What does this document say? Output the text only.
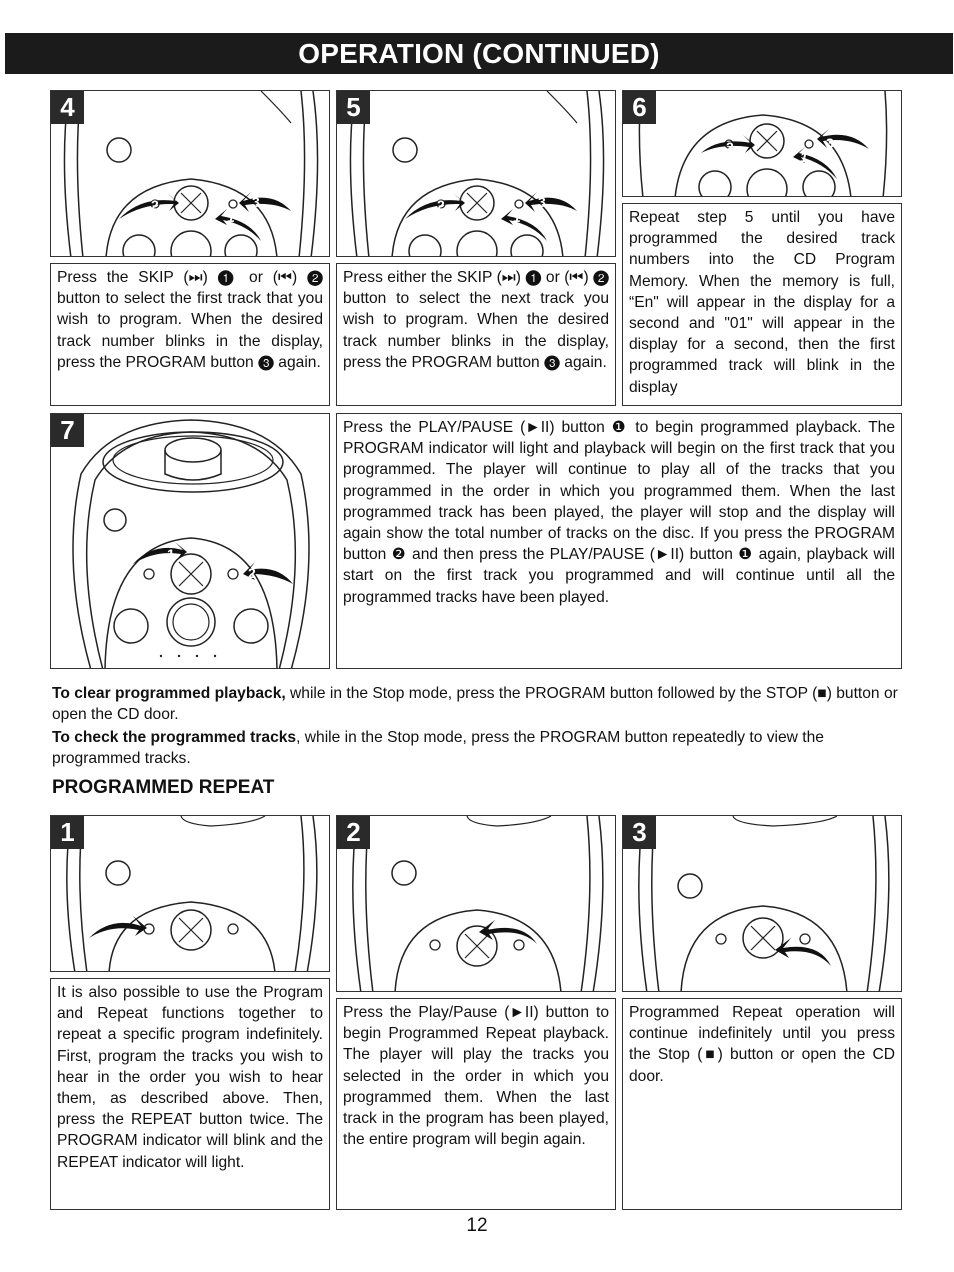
OPERATION (CONTINUED)
4
2	3
1
Press the SKIP (⏭) ❶ or (⏮) ❷ button to select the first track that you wish to program. When the desired track number blinks in the display, press the PROGRAM button ❸ again.
5
2	3
1
Press either the SKIP (⏭) ❶ or (⏮) ❷ button to select the next track you wish to program. When the desired track number blinks in the display, press the PROGRAM button ❸ again.
6
2	3
1
Repeat step 5 until you have programmed the desired track numbers into the CD Program Memory. When the memory is full, “En" will appear in the display for a second and "01" will appear in the display for a second, then the first programmed track will blink in the display
7
1
2
Press the PLAY/PAUSE (►II) button ❶ to begin programmed playback. The PROGRAM indicator will light and playback will begin on the first track that you programmed. The player will continue to play all of the tracks that you programmed in the order in which you programmed them. When the last programmed track has been played, the player will stop and the display will again show the total number of tracks on the disc. If you press the PROGRAM button ❷ and then press the PLAY/PAUSE (►II) button ❶ again, playback will start on the first track you programmed and will continue until all the programmed tracks have been played.
To clear programmed playback, while in the Stop mode, press the PROGRAM button followed by the STOP (■) button or open the CD door.
To check the programmed tracks, while in the Stop mode, press the PROGRAM button repeatedly to view the programmed tracks.
PROGRAMMED REPEAT
1
It is also possible to use the Program and Repeat functions together to repeat a specific program indefinitely. First, program the tracks you wish to hear in the order you wish to hear them, as described above. Then, press the REPEAT button twice. The PROGRAM indicator will blink and the REPEAT indicator will light.
2
Press the Play/Pause (►II) button to begin Programmed Repeat playback. The player will play the tracks you selected in the order in which you programmed them. When the last track in the program has been played, the entire program will begin again.
3
Programmed Repeat operation will continue indefinitely until you press the Stop (■) button or open the CD door.
12
